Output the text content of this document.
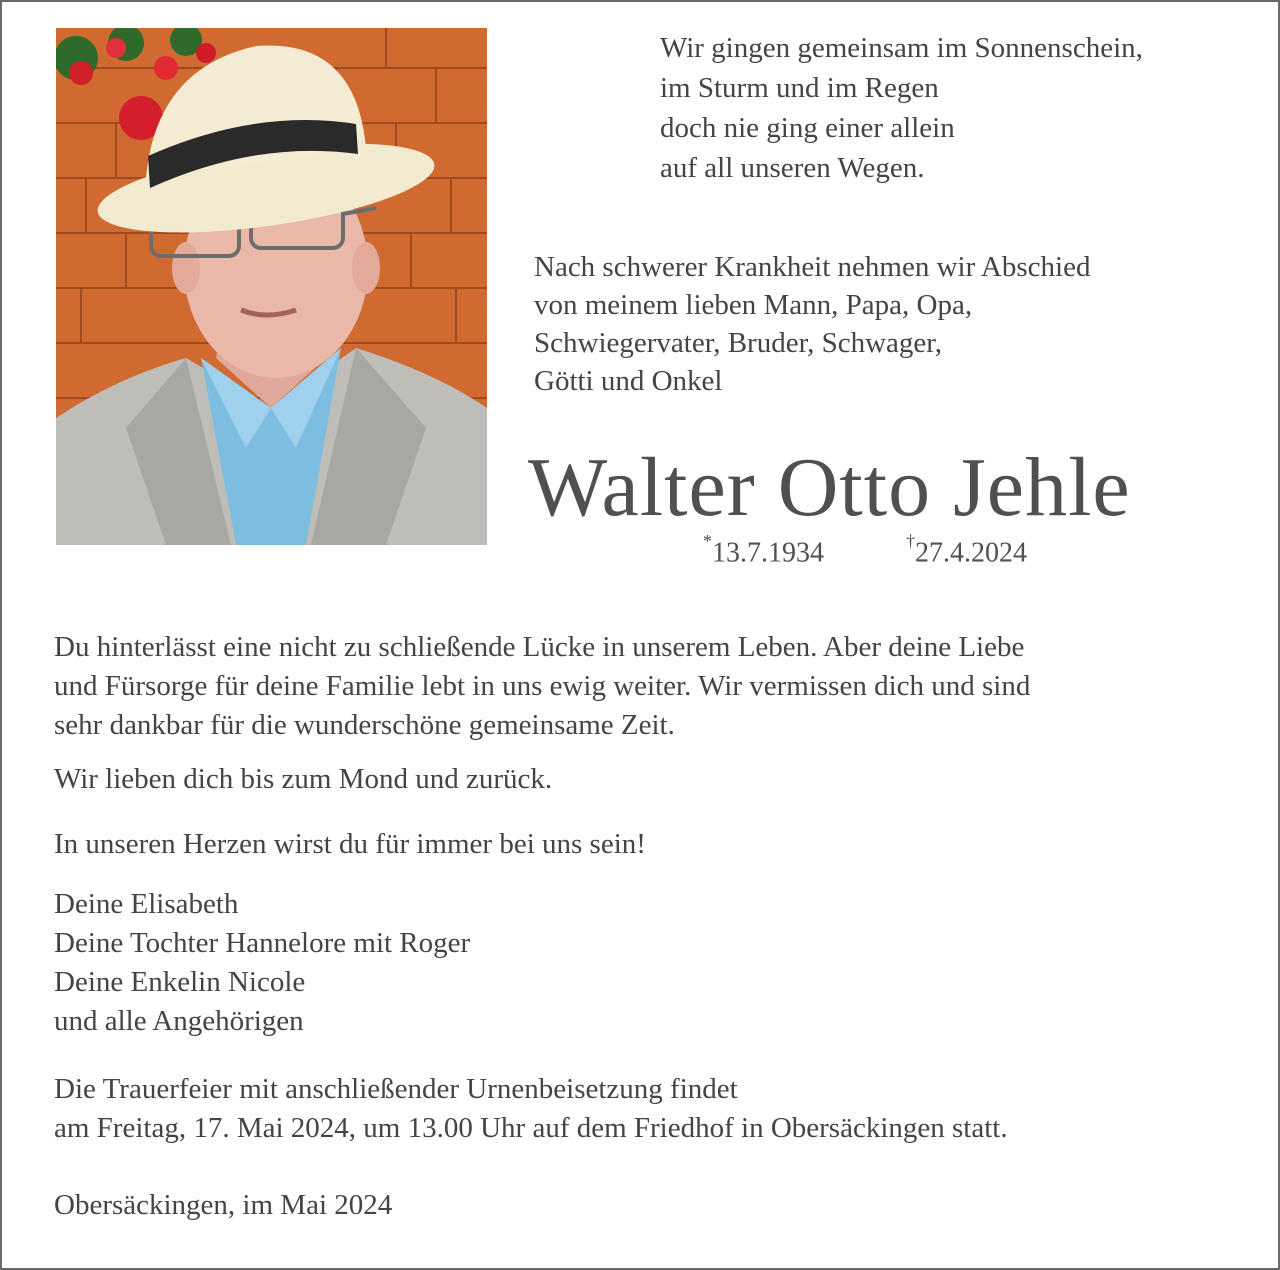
Wir gingen gemeinsam im Sonnenschein,
im Sturm und im Regen
doch nie ging einer allein
auf all unseren Wegen.
Nach schwerer Krankheit nehmen wir Abschied
von meinem lieben Mann, Papa, Opa,
Schwiegervater, Bruder, Schwager,
Götti und Onkel
Walter Otto Jehle
*13.7.1934	†27.4.2024
Du hinterlässt eine nicht zu schließende Lücke in unserem Leben. Aber deine Liebe
und Fürsorge für deine Familie lebt in uns ewig weiter. Wir vermissen dich und sind
sehr dankbar für die wunderschöne gemeinsame Zeit.
Wir lieben dich bis zum Mond und zurück.
In unseren Herzen wirst du für immer bei uns sein!
Deine Elisabeth
Deine Tochter Hannelore mit Roger
Deine Enkelin Nicole
und alle Angehörigen
Die Trauerfeier mit anschließender Urnenbeisetzung findet
am Freitag, 17. Mai 2024, um 13.00 Uhr auf dem Friedhof in Obersäckingen statt.
Obersäckingen, im Mai 2024
